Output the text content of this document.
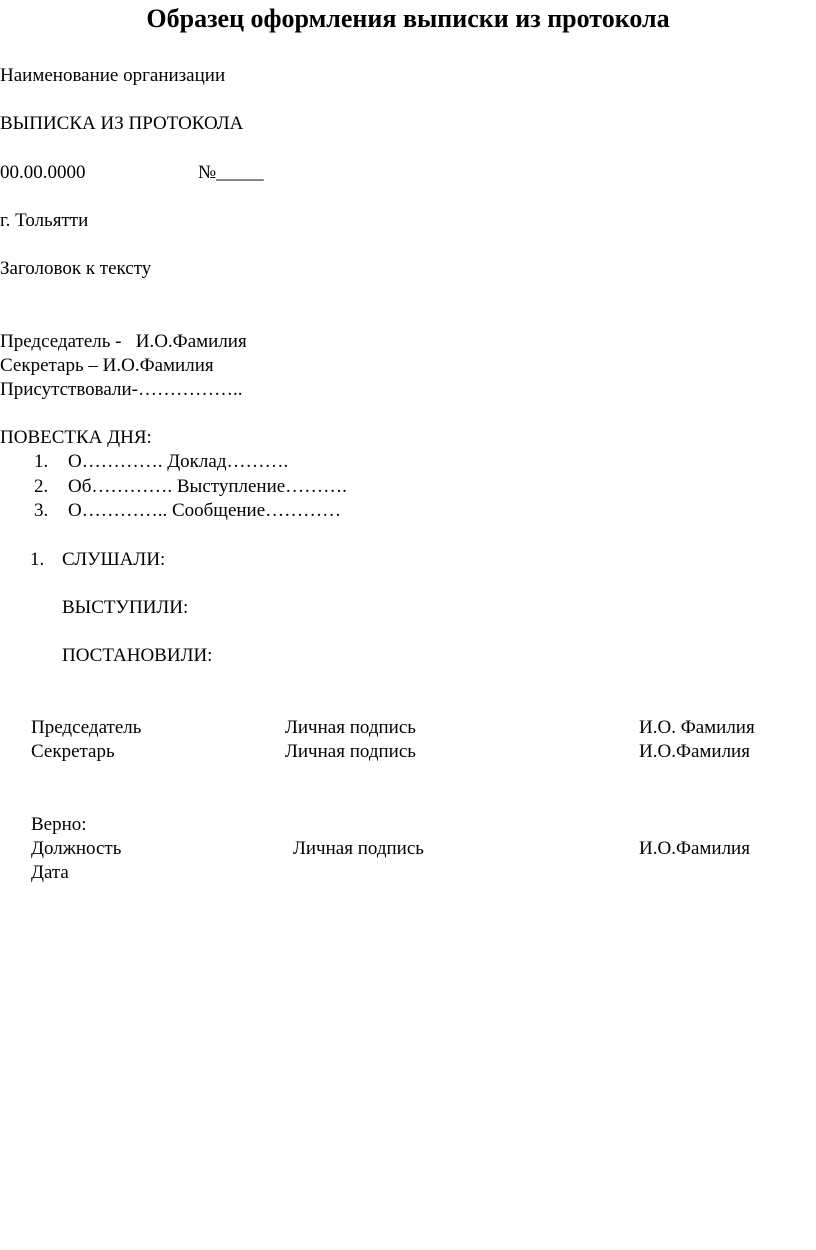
Образец оформления выписки из протокола
Наименование организации
ВЫПИСКА ИЗ ПРОТОКОЛА
00.00.0000	№_____
г. Тольятти
Заголовок к тексту
Председатель -   И.О.Фамилия
Секретарь – И.О.Фамилия
Присутствовали-……………..
ПОВЕСТКА ДНЯ:
1. О…………. Доклад……….
2. Об…………. Выступление……….
3. О………….. Сообщение…………
1. СЛУШАЛИ:
ВЫСТУПИЛИ:
ПОСТАНОВИЛИ:
Председатель	Личная подпись	И.О. Фамилия
Секретарь	Личная подпись	И.О.Фамилия
Верно:
Должность	Личная подпись	И.О.Фамилия
Дата
